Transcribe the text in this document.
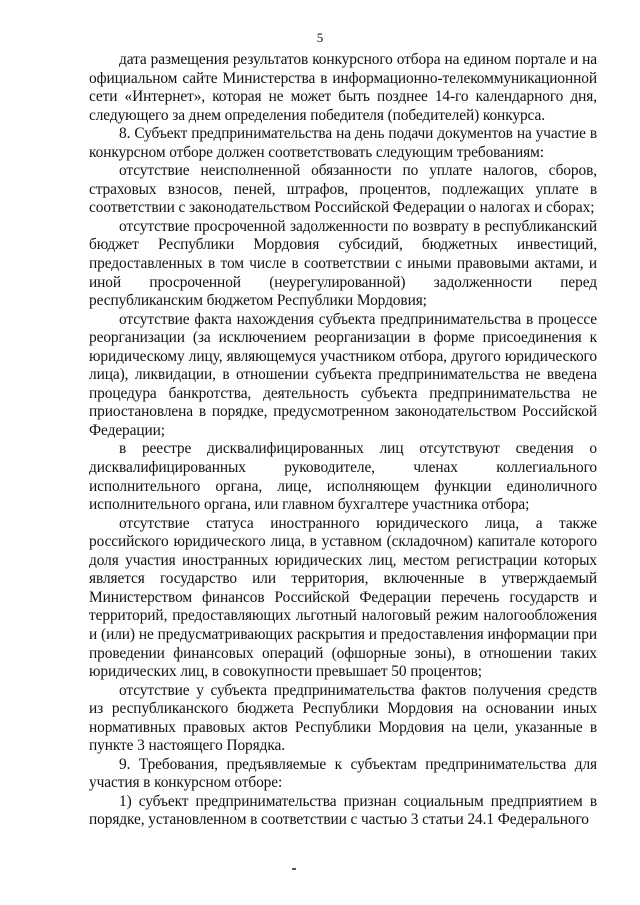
5

дата размещения результатов конкурсного отбора на едином портале и на официальном сайте Министерства в информационно-телекоммуникационной сети «Интернет», которая не может быть позднее 14-го календарного дня, следующего за днем определения победителя (победителей) конкурса.

8. Субъект предпринимательства на день подачи документов на участие в конкурсном отборе должен соответствовать следующим требованиям:

отсутствие неисполненной обязанности по уплате налогов, сборов, страховых взносов, пеней, штрафов, процентов, подлежащих уплате в соответствии с законодательством Российской Федерации о налогах и сборах;

отсутствие просроченной задолженности по возврату в республиканский бюджет Республики Мордовия субсидий, бюджетных инвестиций, предоставленных в том числе в соответствии с иными правовыми актами, и иной просроченной (неурегулированной) задолженности перед республиканским бюджетом Республики Мордовия;

отсутствие факта нахождения субъекта предпринимательства в процессе реорганизации (за исключением реорганизации в форме присоединения к юридическому лицу, являющемуся участником отбора, другого юридического лица), ликвидации, в отношении субъекта предпринимательства не введена процедура банкротства, деятельность субъекта предпринимательства не приостановлена в порядке, предусмотренном законодательством Российской Федерации;

в реестре дисквалифицированных лиц отсутствуют сведения о дисквалифицированных руководителе, членах коллегиального исполнительного органа, лице, исполняющем функции единоличного исполнительного органа, или главном бухгалтере участника отбора;

отсутствие статуса иностранного юридического лица, а также российского юридического лица, в уставном (складочном) капитале которого доля участия иностранных юридических лиц, местом регистрации которых является государство или территория, включенные в утверждаемый Министерством финансов Российской Федерации перечень государств и территорий, предоставляющих льготный налоговый режим налогообложения и (или) не предусматривающих раскрытия и предоставления информации при проведении финансовых операций (офшорные зоны), в отношении таких юридических лиц, в совокупности превышает 50 процентов;

отсутствие у субъекта предпринимательства фактов получения средств из республиканского бюджета Республики Мордовия на основании иных нормативных правовых актов Республики Мордовия на цели, указанные в пункте 3 настоящего Порядка.

9. Требования, предъявляемые к субъектам предпринимательства для участия в конкурсном отборе:

1) субъект предпринимательства признан социальным предприятием в порядке, установленном в соответствии с частью 3 статьи 24.1 Федерального
